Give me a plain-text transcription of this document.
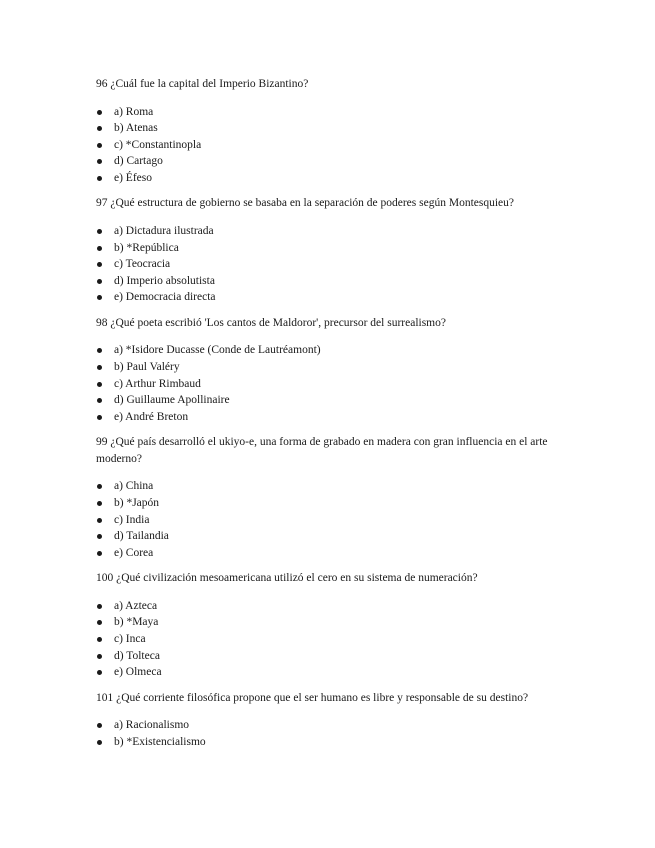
96 ¿Cuál fue la capital del Imperio Bizantino?

a) Roma
b) Atenas
c) *Constantinopla
d) Cartago
e) Éfeso

97 ¿Qué estructura de gobierno se basaba en la separación de poderes según Montesquieu?

a) Dictadura ilustrada
b) *República
c) Teocracia
d) Imperio absolutista
e) Democracia directa

98 ¿Qué poeta escribió 'Los cantos de Maldoror', precursor del surrealismo?

a) *Isidore Ducasse (Conde de Lautréamont)
b) Paul Valéry
c) Arthur Rimbaud
d) Guillaume Apollinaire
e) André Breton

99 ¿Qué país desarrolló el ukiyo-e, una forma de grabado en madera con gran influencia en el arte moderno?

a) China
b) *Japón
c) India
d) Tailandia
e) Corea

100 ¿Qué civilización mesoamericana utilizó el cero en su sistema de numeración?

a) Azteca
b) *Maya
c) Inca
d) Tolteca
e) Olmeca

101 ¿Qué corriente filosófica propone que el ser humano es libre y responsable de su destino?

a) Racionalismo
b) *Existencialismo
